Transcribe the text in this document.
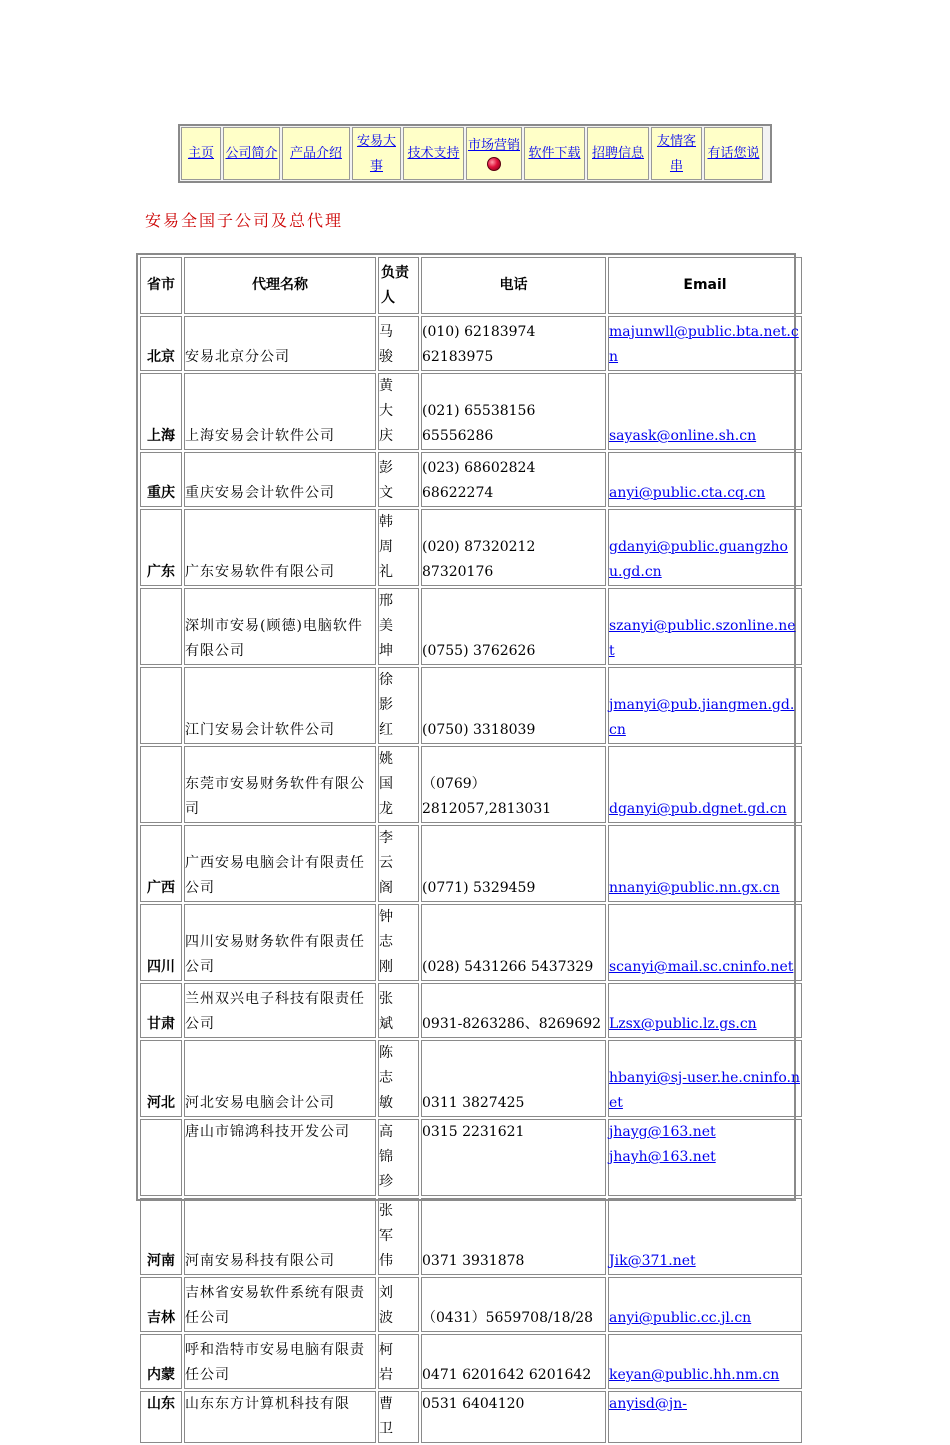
主页 公司简介 产品介绍
安易大事
技术支持
市场营销
软件下载 招聘信息
友情客串
有话您说
安易全国子公司及总代理
省市	代理名称	负责人	电话	Email
北京	安易北京分公司	马骏	(010) 62183974 62183975	majunwll@public.bta.net.cn

上海	上海安易会计软件公司	黄大庆	(021) 65538156 65556286	sayask@online.sh.cn

重庆	重庆安易会计软件公司	彭文	(023) 68602824 68622274	anyi@public.cta.cq.cn

广东	广东安易软件有限公司	韩周礼	(020) 87320212 87320176	gdanyi@public.guangzhou.gd.cn

	深圳市安易(顾德)电脑软件有限公司	邢美坤	(0755) 3762626	szanyi@public.szonline.net

	江门安易会计软件公司	徐影红	(0750) 3318039	jmanyi@pub.jiangmen.gd.cn

	东莞市安易财务软件有限公司	姚国龙	（0769）2812057,2813031	dganyi@pub.dgnet.gd.cn

广西	广西安易电脑会计有限责任公司	李云阁	(0771) 5329459	nnanyi@public.nn.gx.cn

四川	四川安易财务软件有限责任公司	钟志刚	(028) 5431266 5437329	scanyi@mail.sc.cninfo.net

甘肃	兰州双兴电子科技有限责任公司	张斌	0931-8263286、8269692	Lzsx@public.lz.gs.cn

河北	河北安易电脑会计公司	陈志敏	0311 3827425	hbanyi@sj-user.he.cninfo.net

	唐山市锦鸿科技开发公司	高锦珍	0315 2231621	jhayg@163.net
jhayh@163.net

河南	河南安易科技有限公司	张军伟	0371 3931878	Jik@371.net

吉林	吉林省安易软件系统有限责任公司	刘波	（0431）5659708/18/28	anyi@public.cc.jl.cn

内蒙	呼和浩特市安易电脑有限责任公司	柯岩	0471 6201642 6201642	keyan@public.hh.nm.cn

山东	山东东方计算机科技有限	曹卫	0531 6404120	anyisd@jn-
